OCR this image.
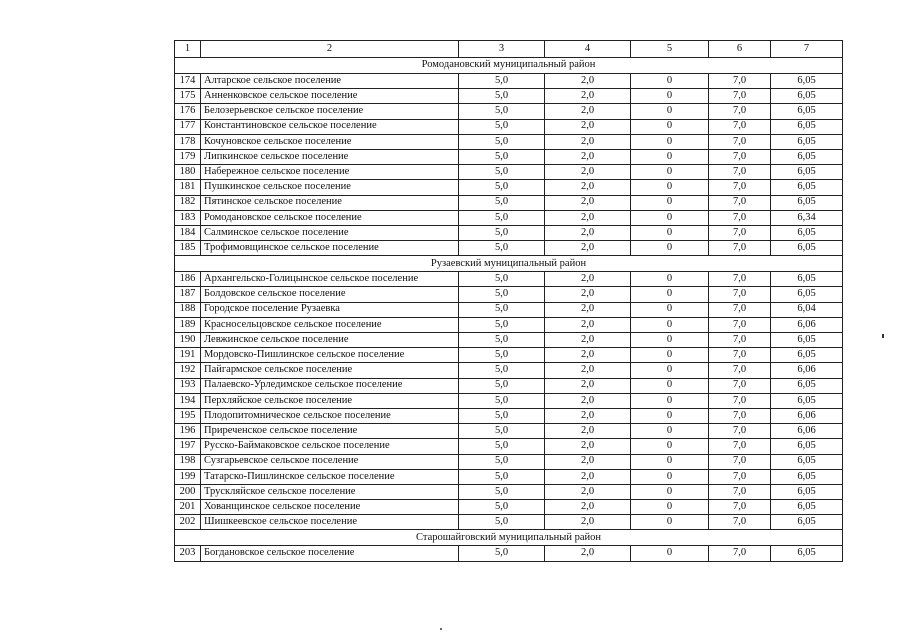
1	2	3	4	5	6	7
Ромодановский муниципальный район						
174	Алтарское сельское поселение	5,0	2,0	0	7,0	6,05
175	Анненковское сельское поселение	5,0	2,0	0	7,0	6,05
176	Белозерьевское сельское поселение	5,0	2,0	0	7,0	6,05
177	Константиновское сельское поселение	5,0	2,0	0	7,0	6,05
178	Кочуновское сельское поселение	5,0	2,0	0	7,0	6,05
179	Липкинское сельское поселение	5,0	2,0	0	7,0	6,05
180	Набережное сельское поселение	5,0	2,0	0	7,0	6,05
181	Пушкинское сельское поселение	5,0	2,0	0	7,0	6,05
182	Пятинское сельское поселение	5,0	2,0	0	7,0	6,05
183	Ромодановское сельское поселение	5,0	2,0	0	7,0	6,34
184	Салминское сельское поселение	5,0	2,0	0	7,0	6,05
185	Трофимовщинское сельское поселение	5,0	2,0	0	7,0	6,05
Рузаевский муниципальный район						
186	Архангельско-Голицынское сельское поселение	5,0	2,0	0	7,0	6,05
187	Болдовское сельское поселение	5,0	2,0	0	7,0	6,05
188	Городское поселение Рузаевка	5,0	2,0	0	7,0	6,04
189	Красносельцовское сельское поселение	5,0	2,0	0	7,0	6,06
190	Левжинское сельское поселение	5,0	2,0	0	7,0	6,05
191	Мордовско-Пишлинское сельское поселение	5,0	2,0	0	7,0	6,05
192	Пайгармское сельское поселение	5,0	2,0	0	7,0	6,06
193	Палаевско-Урледимское сельское поселение	5,0	2,0	0	7,0	6,05
194	Перхляйское сельское поселение	5,0	2,0	0	7,0	6,05
195	Плодопитомническое сельское поселение	5,0	2,0	0	7,0	6,06
196	Приреченское сельское поселение	5,0	2,0	0	7,0	6,06
197	Русско-Баймаковское сельское поселение	5,0	2,0	0	7,0	6,05
198	Сузгарьевское сельское поселение	5,0	2,0	0	7,0	6,05
199	Татарско-Пишлинское сельское поселение	5,0	2,0	0	7,0	6,05
200	Трускляйское сельское поселение	5,0	2,0	0	7,0	6,05
201	Хованщинское сельское поселение	5,0	2,0	0	7,0	6,05
202	Шишкеевское сельское поселение	5,0	2,0	0	7,0	6,05
Старошайговский муниципальный район						
203	Богдановское сельское поселение	5,0	2,0	0	7,0	6,05
